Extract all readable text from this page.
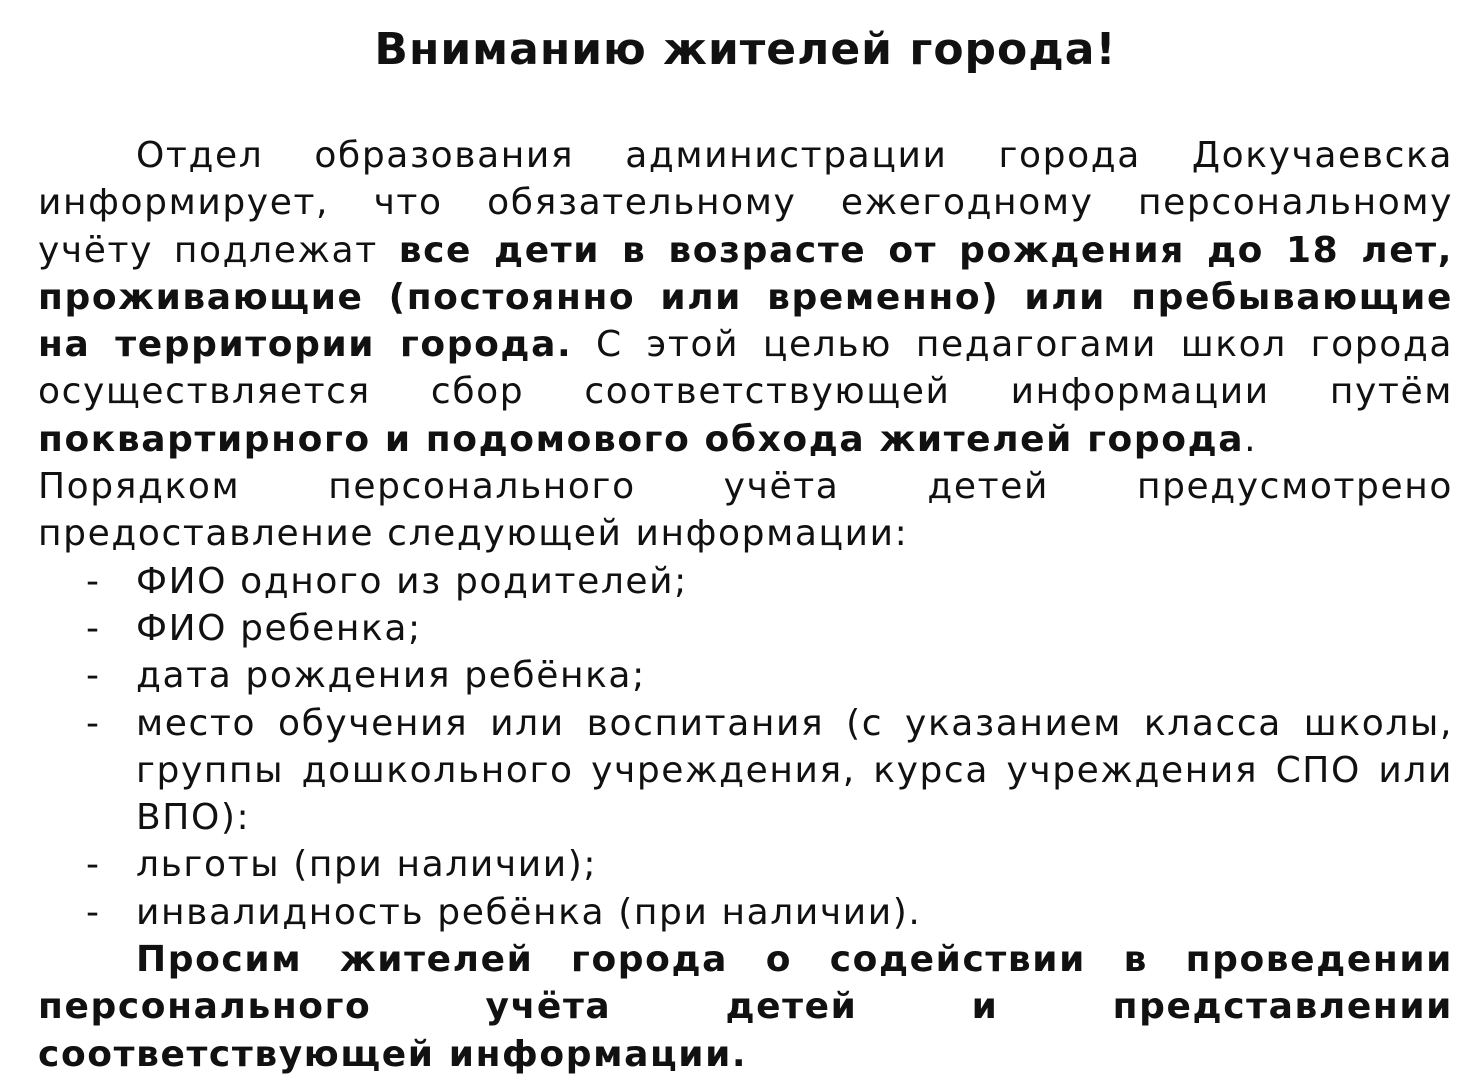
Вниманию жителей города!

Отдел образования администрации города Докучаевска информирует, что обязательному ежегодному персональному учёту подлежат все дети в возрасте от рождения до 18 лет, проживающие (постоянно или временно) или пребывающие на территории города. С этой целью педагогами школ города осуществляется сбор соответствующей информации путём поквартирного и подомового обхода жителей города.

Порядком персонального учёта детей предусмотрено предоставление следующей информации:

- ФИО одного из родителей;
- ФИО ребенка;
- дата рождения ребёнка;
- место обучения или воспитания (с указанием класса школы, группы дошкольного учреждения, курса учреждения СПО или ВПО):
- льготы (при наличии);
- инвалидность ребёнка (при наличии).

Просим жителей города о содействии в проведении персонального учёта детей и представлении соответствующей информации.
